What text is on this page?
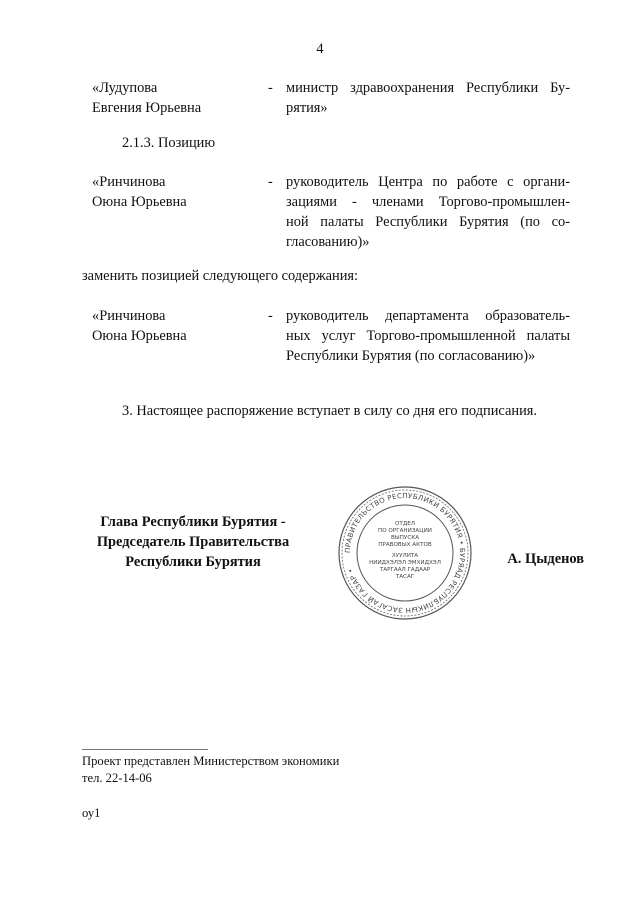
4
«Лудупова
Евгения Юрьевна
- министр здравоохранения Республики Бу-
рятия»
2.1.3. Позицию
«Ринчинова
Оюна Юрьевна
- руководитель Центра по работе с органи-
зациями - членами Торгово-промышлен-
ной палаты Республики Бурятия (по со-
гласованию)»
заменить позицией следующего содержания:
«Ринчинова
Оюна Юрьевна
- руководитель департамента образователь-
ных услуг Торгово-промышленной палаты
Республики Бурятия (по согласованию)»
3. Настоящее распоряжение вступает в силу со дня его подписания.
Глава Республики Бурятия -
Председатель Правительства
Республики Бурятия	А. Цыденов
ПРАВИТЕЛЬСТВО РЕСПУБЛИКИ БУРЯТИЯ • БУРЯАД РЕСПУБЛИКЫН ЗАСАГАЙ ГАЗАР •
ОТДЕЛ
ПО ОРГАНИЗАЦИИ
ВЫПУСКА
ПРАВОВЫХ АКТОВ
ХУУЛИТА
НИИДХЭЛЭЛ ЭМХИДХЭЛ
ТАРГААЛ ГАДААР
ТАСАГ
Проект представлен Министерством экономики
тел. 22-14-06
оу1
